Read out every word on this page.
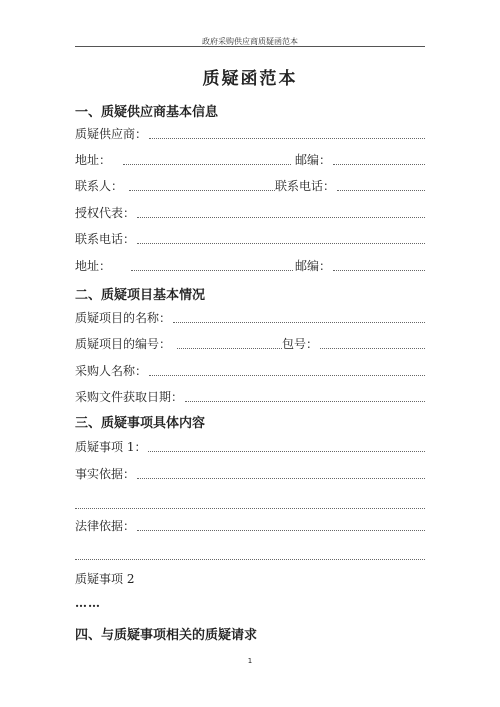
政府采购供应商质疑函范本
质疑函范本
一、质疑供应商基本信息
质疑供应商：
地址：	邮编：
联系人：	联系电话：
授权代表：
联系电话：
地址：	邮编：
二、质疑项目基本情况
质疑项目的名称：
质疑项目的编号：	包号：
采购人名称：
采购文件获取日期：
三、质疑事项具体内容
质疑事项 1：
事实依据：
法律依据：
质疑事项 2
……
四、与质疑事项相关的质疑请求
1
